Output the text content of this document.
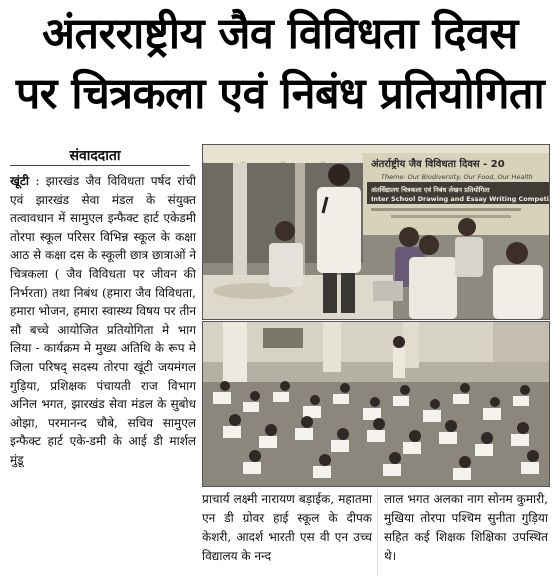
अंतरराष्ट्रीय जैव विविधता दिवस
पर चित्रकला एवं निबंध प्रतियोगिता
संवाददाता
खूंटी : झारखंड जैव विविधता पर्षद रांची एवं झारखंड सेवा मंडल के संयुक्त तत्वावधान में सामुएल इन्फैक्ट हार्ट एकेडमी तोरपा स्कूल परिसर विभिन्न स्कूल के कक्षा आठ से कक्षा दस के स्कूली छात्र छात्राओं ने चित्रकला ( जैव विविधता पर जीवन की निर्भरता) तथा निबंध (हमारा जैव विविधता, हमारा भोजन, हमारा स्वास्थ्य विषय पर तीन सौ बच्चे आयोजित प्रतियोगिता मे भाग लिया - कार्यक्रम मे मुख्य अतिथि के रूप मे जिला परिषद् सदस्य तोरपा खूंटी जयमंगल गुड़िया, प्रशिक्षक पंचायती राज विभाग अनिल भगत, झारखंड सेवा मंडल के सुबोध ओझा, परमानन्द चौबे, सचिव सामुएल इन्फैक्ट हार्ट एके-डमी के आई डी मार्शल मुंडू
अंतर्राष्ट्रीय जैव विविधता दिवस - 20
Theme: Our Biodiversity, Our Food, Our Health
अंतर्विद्यालय चित्रकला एवं निबंध लेखन प्रतियोगिता
Inter School Drawing and Essay Writing Competi
प्राचार्य लक्ष्मी नारायण बड़ाईक, महातमा एन डी ग्रोवर हाई स्कूल के दीपक केशरी, आदर्श भारती एस वी एन उच्च विद्यालय के नन्द
लाल भगत अलका नाग सोनम कुमारी, मुखिया तोरपा पश्चिम सुनीता गुड़िया सहित कई शिक्षक शिक्षिका उपस्थित थे।
